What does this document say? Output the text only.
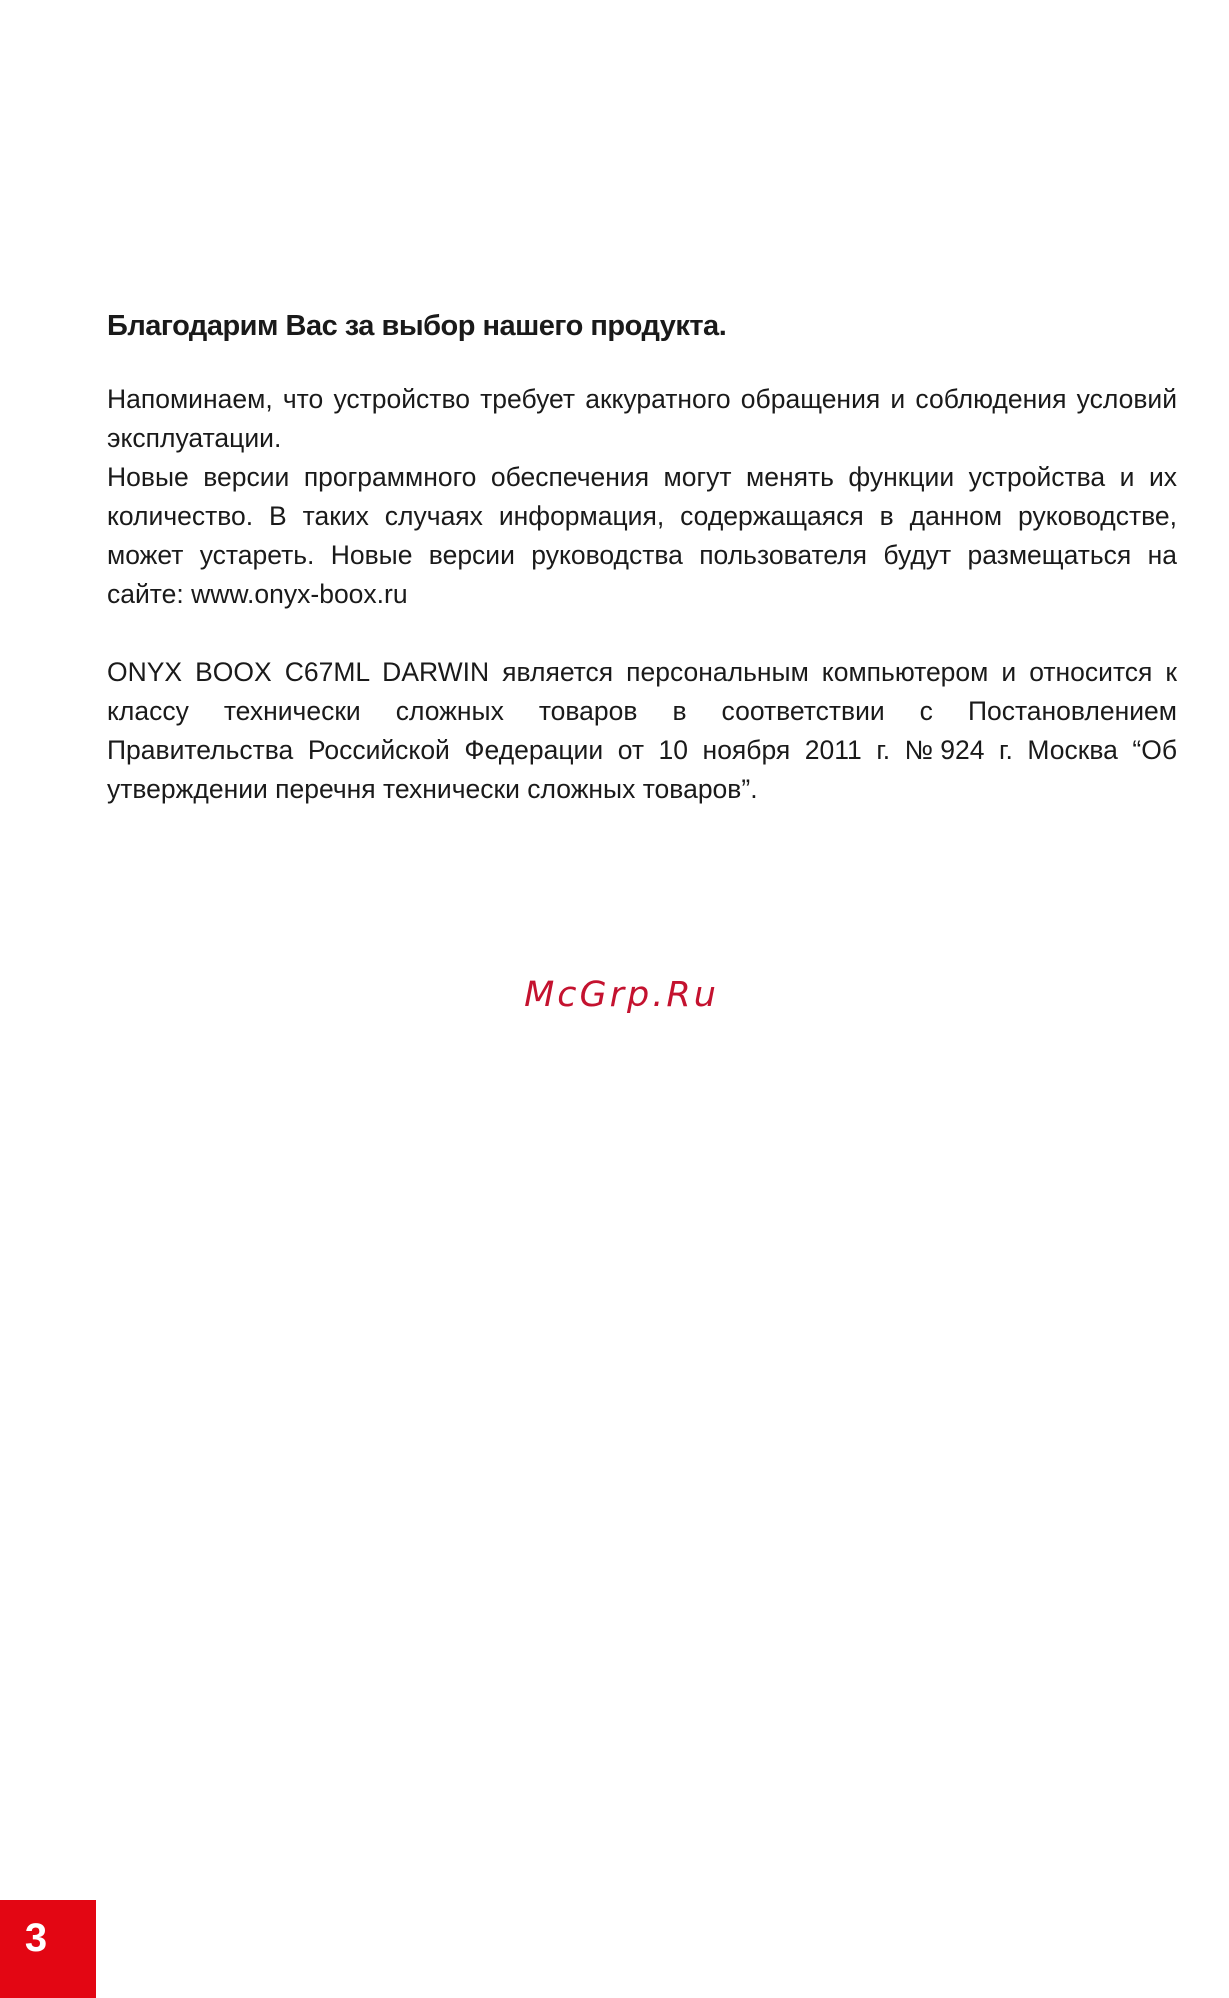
Благодарим Вас за выбор нашего продукта.

Напоминаем, что устройство требует аккуратного обращения и соблюдения условий эксплуатации.

Новые версии программного обеспечения могут менять функции устройства и их количество. В таких случаях информация, содержащаяся в данном руководстве, может устареть. Новые версии руководства пользователя будут размещаться на сайте: www.onyx-boox.ru

ONYX BOOX C67ML DARWIN является персональным компьютером и относится к классу технически сложных товаров в соответствии с Постановлением Правительства Российской Федерации от 10 ноября 2011 г. №924 г. Москва “Об утверждении перечня технически сложных товаров”.

McGrp.Ru
3
